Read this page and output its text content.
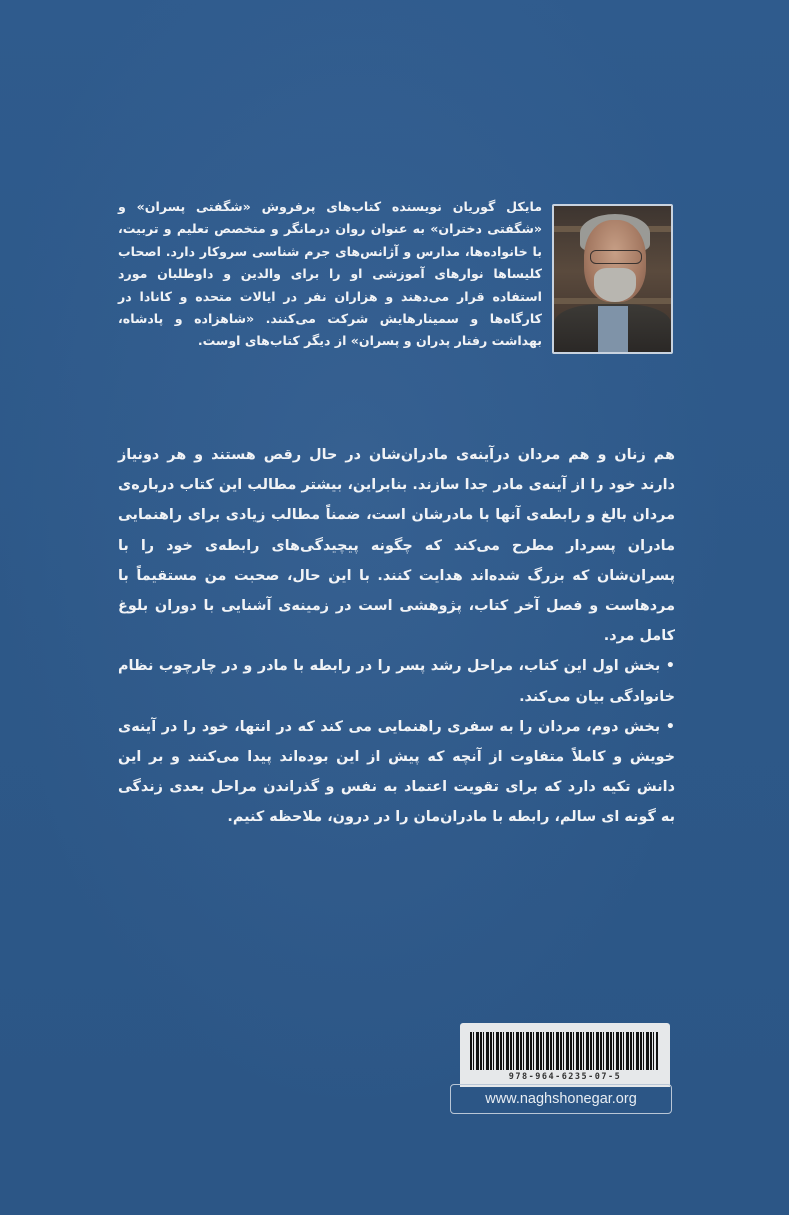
مایکل گوریان نویسنده کتاب‌های پرفروش «شگفتی پسران» و «شگفتی دختران» به عنوان روان درمانگر و متخصص تعلیم و تربیت، با خانواده‌ها، مدارس و آژانس‌های جرم شناسی سروکار دارد. اصحاب کلیساها نوارهای آموزشی او را برای والدین و داوطلبان مورد استفاده قرار می‌دهند و هزاران نفر در ایالات متحده و کانادا در کارگاه‌ها و سمینارهایش شرکت می‌کنند. «شاهزاده و پادشاه، بهداشت رفتار پدران و پسران» از دیگر کتاب‌های اوست.

هم زنان و هم مردان درآینه‌ی مادران‌شان در حال رقص هستند و هر دونیاز دارند خود را از آینه‌ی مادر جدا سازند. بنابراین، بیشتر مطالب این کتاب درباره‌ی مردان بالغ و رابطه‌ی آنها با مادرشان است، ضمناً مطالب زیادی برای راهنمایی مادران پسردار مطرح می‌کند که چگونه پیچیدگی‌های رابطه‌ی خود را با پسران‌شان که بزرگ شده‌اند هدایت کنند. با این حال، صحبت من مستقیماً با مردهاست و فصل آخر کتاب، پژوهشی است در زمینه‌ی آشنایی با دوران بلوغ کامل مرد.

• بخش اول این کتاب، مراحل رشد پسر را در رابطه با مادر و در چارچوب نظام خانوادگی بیان می‌کند.

• بخش دوم، مردان را به سفری راهنمایی می کند که در انتها، خود را در آینه‌ی خویش و کاملاً متفاوت از آنچه که پیش از این بوده‌اند پیدا می‌کنند و بر این دانش تکیه دارد که برای تقویت اعتماد به نفس و گذراندن مراحل بعدی زندگی به گونه ای سالم، رابطه با مادران‌مان را در درون، ملاحظه کنیم.

978-964-6235-07-5
www.naghshonegar.org
